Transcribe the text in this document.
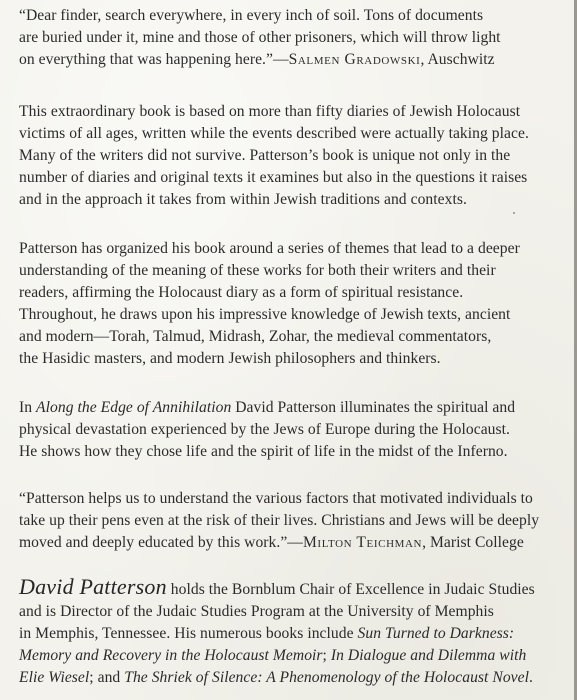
“Dear finder, search everywhere, in every inch of soil. Tons of documents
are buried under it, mine and those of other prisoners, which will throw light
on everything that was happening here.”—Salmen Gradowski, Auschwitz
This extraordinary book is based on more than fifty diaries of Jewish Holocaust
victims of all ages, written while the events described were actually taking place.
Many of the writers did not survive. Patterson’s book is unique not only in the
number of diaries and original texts it examines but also in the questions it raises
and in the approach it takes from within Jewish traditions and contexts.
Patterson has organized his book around a series of themes that lead to a deeper
understanding of the meaning of these works for both their writers and their
readers, affirming the Holocaust diary as a form of spiritual resistance.
Throughout, he draws upon his impressive knowledge of Jewish texts, ancient
and modern—Torah, Talmud, Midrash, Zohar, the medieval commentators,
the Hasidic masters, and modern Jewish philosophers and thinkers.
In Along the Edge of Annihilation David Patterson illuminates the spiritual and
physical devastation experienced by the Jews of Europe during the Holocaust.
He shows how they chose life and the spirit of life in the midst of the Inferno.
“Patterson helps us to understand the various factors that motivated individuals to
take up their pens even at the risk of their lives. Christians and Jews will be deeply
moved and deeply educated by this work.”—Milton Teichman, Marist College
David Patterson holds the Bornblum Chair of Excellence in Judaic Studies
and is Director of the Judaic Studies Program at the University of Memphis
in Memphis, Tennessee. His numerous books include Sun Turned to Darkness:
Memory and Recovery in the Holocaust Memoir; In Dialogue and Dilemma with
Elie Wiesel; and The Shriek of Silence: A Phenomenology of the Holocaust Novel.
